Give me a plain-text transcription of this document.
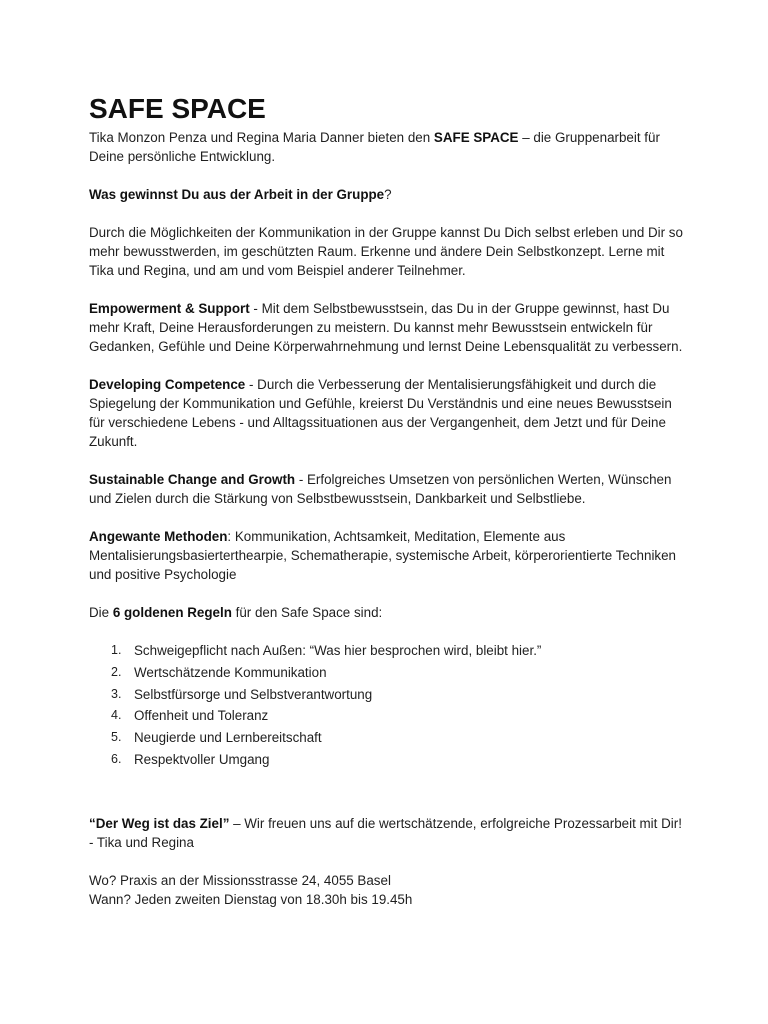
SAFE SPACE

Tika Monzon Penza und Regina Maria Danner bieten den SAFE SPACE – die Gruppenarbeit für Deine persönliche Entwicklung.

Was gewinnst Du aus der Arbeit in der Gruppe?

Durch die Möglichkeiten der Kommunikation in der Gruppe kannst Du Dich selbst erleben und Dir so mehr bewusstwerden, im geschützten Raum. Erkenne und ändere Dein Selbstkonzept. Lerne mit Tika und Regina, und am und vom Beispiel anderer Teilnehmer.

Empowerment & Support - Mit dem Selbstbewusstsein, das Du in der Gruppe gewinnst, hast Du mehr Kraft, Deine Herausforderungen zu meistern. Du kannst mehr Bewusstsein entwickeln für Gedanken, Gefühle und Deine Körperwahrnehmung und lernst Deine Lebensqualität zu verbessern.

Developing Competence - Durch die Verbesserung der Mentalisierungsfähigkeit und durch die Spiegelung der Kommunikation und Gefühle, kreierst Du Verständnis und eine neues Bewusstsein für verschiedene Lebens - und Alltagssituationen aus der Vergangenheit, dem Jetzt und für Deine Zukunft.

Sustainable Change and Growth - Erfolgreiches Umsetzen von persönlichen Werten, Wünschen und Zielen durch die Stärkung von Selbstbewusstsein, Dankbarkeit und Selbstliebe.

Angewante Methoden: Kommunikation, Achtsamkeit, Meditation, Elemente aus Mentalisierungsbasierterthearpie, Schematherapie, systemische Arbeit, körperorientierte Techniken und positive Psychologie

Die 6 goldenen Regeln für den Safe Space sind:

1. Schweigepflicht nach Außen: “Was hier besprochen wird, bleibt hier.”
2. Wertschätzende Kommunikation
3. Selbstfürsorge und Selbstverantwortung
4. Offenheit und Toleranz
5. Neugierde und Lernbereitschaft
6. Respektvoller Umgang

“Der Weg ist das Ziel” – Wir freuen uns auf die wertschätzende, erfolgreiche Prozessarbeit mit Dir! - Tika und Regina

Wo? Praxis an der Missionsstrasse 24, 4055 Basel

Wann? Jeden zweiten Dienstag von 18.30h bis 19.45h
